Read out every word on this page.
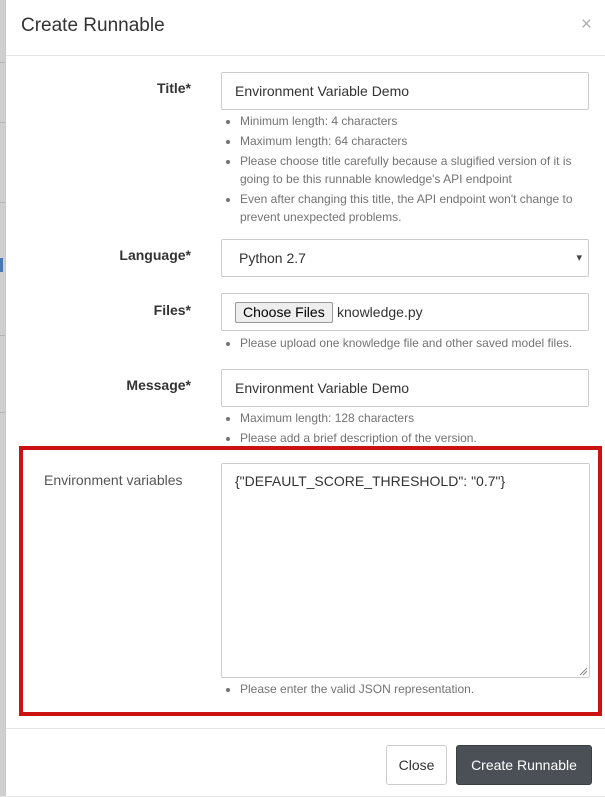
Create Runnable	×
Title*	Environment Variable Demo
• Minimum length: 4 characters
• Maximum length: 64 characters
• Please choose title carefully because a slugified version of it is going to be this runnable knowledge's API endpoint
• Even after changing this title, the API endpoint won't change to prevent unexpected problems.
Language*	Python 2.7	▾
Files*	Choose Files knowledge.py
• Please upload one knowledge file and other saved model files.
Message*	Environment Variable Demo
• Maximum length: 128 characters
• Please add a brief description of the version.
Environment variables	{"DEFAULT_SCORE_THRESHOLD": "0.7"}
• Please enter the valid JSON representation.
Close	Create Runnable
